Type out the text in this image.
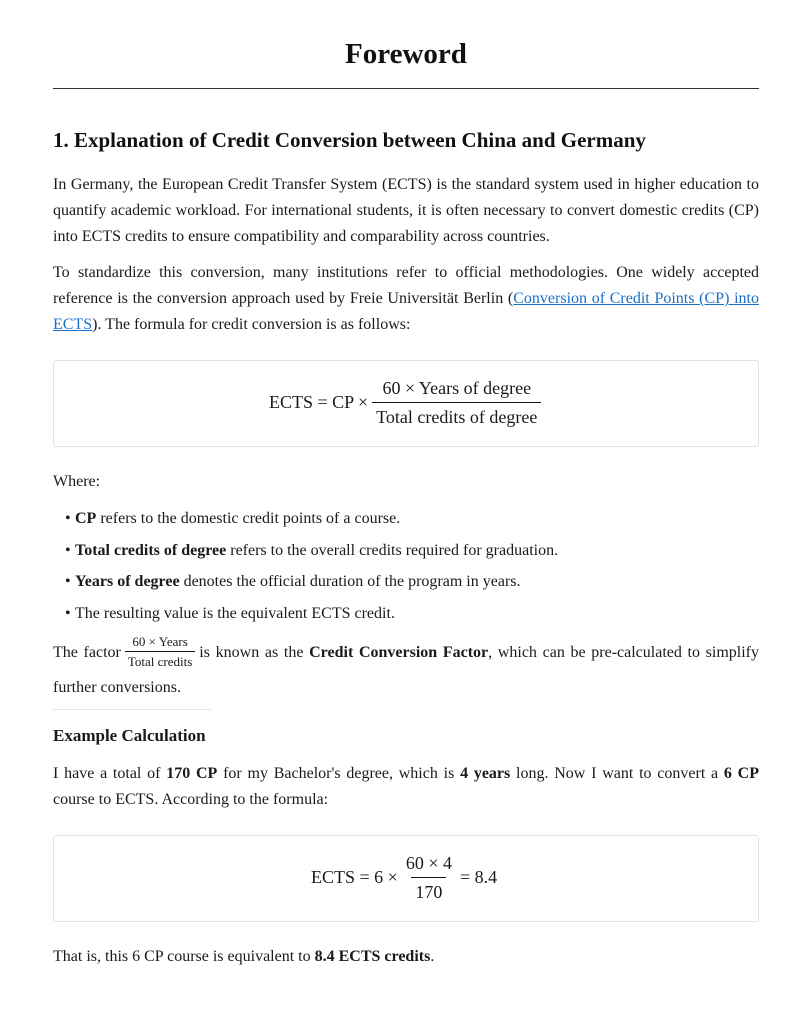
Foreword
1. Explanation of Credit Conversion between China and Germany

In Germany, the European Credit Transfer System (ECTS) is the standard system used in higher education to quantify academic workload. For international students, it is often necessary to convert domestic credits (CP) into ECTS credits to ensure compatibility and comparability across countries.

To standardize this conversion, many institutions refer to official methodologies. One widely accepted reference is the conversion approach used by Freie Universität Berlin (Conversion of Credit Points (CP) into ECTS). The formula for credit conversion is as follows:

ECTS = CP × $\frac{\text{60 × Years of degree}}{\text{Total credits of degree}}$

Where:

• CP refers to the domestic credit points of a course.
• Total credits of degree refers to the overall credits required for graduation.
• Years of degree denotes the official duration of the program in years.
• The resulting value is the equivalent ECTS credit.

The factor $\frac{\text{60 × Years}}{\text{Total credits}}$ is known as the Credit Conversion Factor, which can be pre-calculated to simplify

further conversions.

Example Calculation

I have a total of 170 CP for my Bachelor's degree, which is 4 years long. Now I want to convert a 6 CP course to ECTS. According to the formula:

ECTS = $6 \times \frac{60 \times 4}{170} = 8.4$

That is, this 6 CP course is equivalent to 8.4 ECTS credits.
